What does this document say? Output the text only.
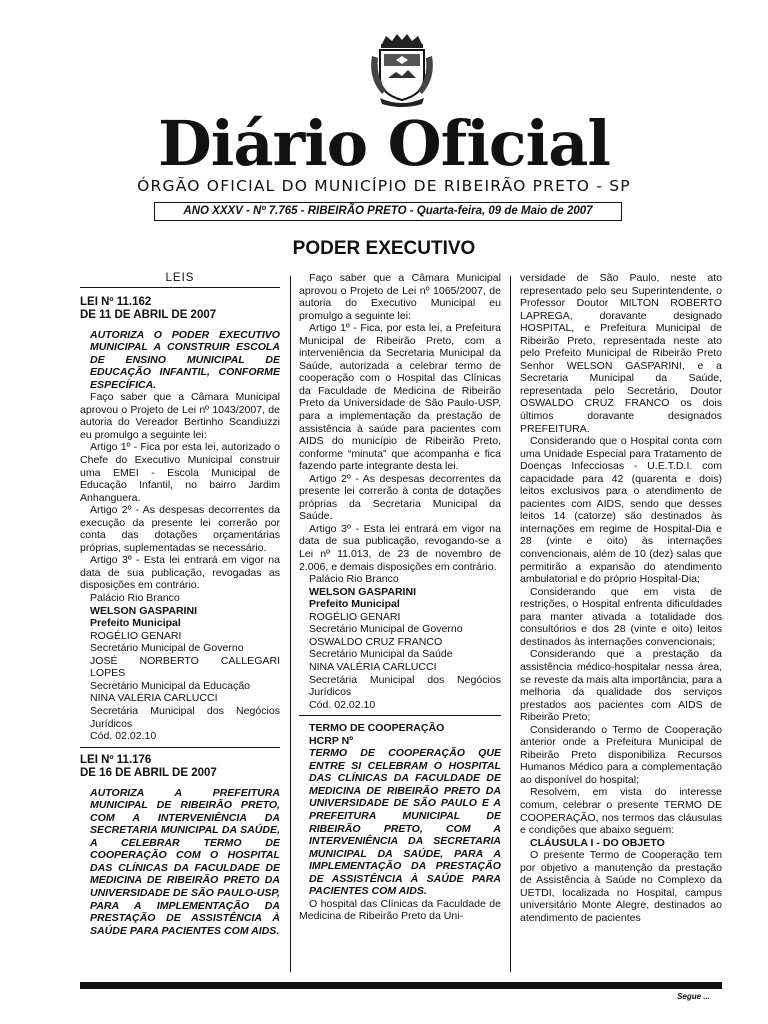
Diário Oficial
ÓRGÃO OFICIAL DO MUNICÍPIO DE RIBEIRÃO PRETO - SP
ANO XXXV - Nº 7.765 - RIBEIRÃO PRETO - Quarta-feira, 09 de Maio de 2007
PODER EXECUTIVO
LEIS

LEI Nº 11.162

DE 11 DE ABRIL DE 2007

AUTORIZA O PODER EXECUTIVO MUNICIPAL A CONSTRUIR ESCOLA DE ENSINO MUNICIPAL DE EDUCAÇÃO INFANTIL, CONFORME ESPECÍFICA.

Faço saber que a Câmara Municipal aprovou o Projeto de Lei nº 1043/2007, de autoria do Vereador Bertinho Scandiuzzi eu promulgo a seguinte lei:

Artigo 1º - Fica por esta lei, autorizado o Chefe do Executivo Municipal construir uma EMEI - Escola Municipal de Educação Infantil, no bairro Jardim Anhanguera.

Artigo 2º - As despesas decorrentes da execução da presente lei correrão por conta das dotações orçamentárias próprias, suplementadas se necessário.

Artigo 3º - Esta lei entrará em vigor na data de sua publicação, revogadas as disposições em contrário.

Palácio Rio Branco

WELSON GASPARINI

Prefeito Municipal

ROGÉLIO GENARI

Secretário Municipal de Governo

JOSÉ NORBERTO CALLEGARI LOPES

Secretário Municipal da Educação

NINA VALÉRIA CARLUCCI

Secretária Municipal dos Negócios Jurídicos

Cód. 02.02.10

LEI Nº 11.176

DE 16 DE ABRIL DE 2007

AUTORIZA A PREFEITURA MUNICIPAL DE RIBEIRÃO PRETO, COM A INTERVENIÊNCIA DA SECRETARIA MUNICIPAL DA SAÚDE, A CELEBRAR TERMO DE COOPERAÇÃO COM O HOSPITAL DAS CLÍNICAS DA FACULDADE DE MEDICINA DE RIBEIRÃO PRETO DA UNIVERSIDADE DE SÃO PAULO-USP, PARA A IMPLEMENTAÇÃO DA PRESTAÇÃO DE ASSISTÊNCIA À SAÚDE PARA PACIENTES COM AIDS.

Faço saber que a Câmara Municipal aprovou o Projeto de Lei nº 1065/2007, de autoria do Executivo Municipal eu promulgo a seguinte lei:

Artigo 1º - Fica, por esta lei, a Prefeitura Municipal de Ribeirão Preto, com a interveniência da Secretaria Municipal da Saúde, autorizada a celebrar termo de cooperação com o Hospital das Clínicas da Faculdade de Medicina de Ribeirão Preto da Universidade de São Paulo-USP, para a implementação da prestação de assistência à saúde para pacientes com AIDS do município de Ribeirão Preto, conforme “minuta” que acompanha e fica fazendo parte integrante desta lei.

Artigo 2º - As despesas decorrentes da presente lei correrão à conta de dotações próprias da Secretaria Municipal da Saúde.

Artigo 3º - Esta lei entrará em vigor na data de sua publicação, revogando-se a Lei nº 11.013, de 23 de novembro de 2.006, e demais disposições em contrário.

Palácio Rio Branco

WELSON GASPARINI

Prefeito Municipal

ROGÉLIO GENARI

Secretário Municipal de Governo

OSWALDO CRUZ FRANCO

Secretário Municipal da Saúde

NINA VALÉRIA CARLUCCI

Secretária Municipal dos Negócios Jurídicos

Cód. 02.02.10

TERMO DE COOPERAÇÃO

HCRP Nº

TERMO DE COOPERAÇÃO QUE ENTRE SI CELEBRAM O HOSPITAL DAS CLÍNICAS DA FACULDADE DE MEDICINA DE RIBEIRÃO PRETO DA UNIVERSIDADE DE SÃO PAULO E A PREFEITURA MUNICIPAL DE RIBEIRÃO PRETO, COM A INTERVENIÊNCIA DA SECRETARIA MUNICIPAL DA SAÚDE, PARA A IMPLEMENTAÇÃO DA PRESTAÇÃO DE ASSISTÊNCIA À SAÚDE PARA PACIENTES COM AIDS.

O hospital das Clínicas da Faculdade de Medicina de Ribeirão Preto da Uni-

versidade de São Paulo, neste ato representado pelo seu Superintendente, o Professor Doutor MILTON ROBERTO LAPREGA, doravante designado HOSPITAL, e Prefeitura Municipal de Ribeirão Preto, representada neste ato pelo Prefeito Municipal de Ribeirão Preto Senhor WELSON GASPARINI, e a Secretaria Municipal da Saúde, representada pelo Secretário, Doutor OSWALDO CRUZ FRANCO os dois últimos doravante designados PREFEITURA.

Considerando que o Hospital conta com uma Unidade Especial para Tratamento de Doenças Infecciosas - U.E.T.D.I. com capacidade para 42 (quarenta e dois) leitos exclusivos para o atendimento de pacientes com AIDS, sendo que desses leitos 14 (catorze) são destinados às internações em regime de Hospital-Dia e 28 (vinte e oito) às internações convencionais, além de 10 (dez) salas que permitirão a expansão do atendimento ambulatorial e do próprio Hospital-Dia;

Considerando que em vista de restrições, o Hospital enfrenta dificuldades para manter ativada a totalidade dos consultórios e dos 28 (vinte e oito) leitos destinados às internações convencionais;

Considerando que a prestação da assistência médico-hospitalar nessa área, se reveste da mais alta importância, para a melhoria da qualidade dos serviços prestados aos pacientes com AIDS de Ribeirão Preto;

Considerando o Termo de Cooperação anterior onde a Prefeitura Municipal de Ribeirão Preto disponibiliza Recursos Humanos Médico para a complementação ao disponível do hospital;

Resolvem, em vista do interesse comum, celebrar o presente TERMO DE COOPERAÇÃO, nos termos das cláusulas e condições que abaixo seguem:

CLÁUSULA I - DO OBJETO

O presente Termo de Cooperação tem por objetivo a manutenção da prestação de Assistência à Saúde no Complexo da UETDI, localizada no Hospital, campus universitário Monte Alegre, destinados ao atendimento de pacientes

Segue ...
